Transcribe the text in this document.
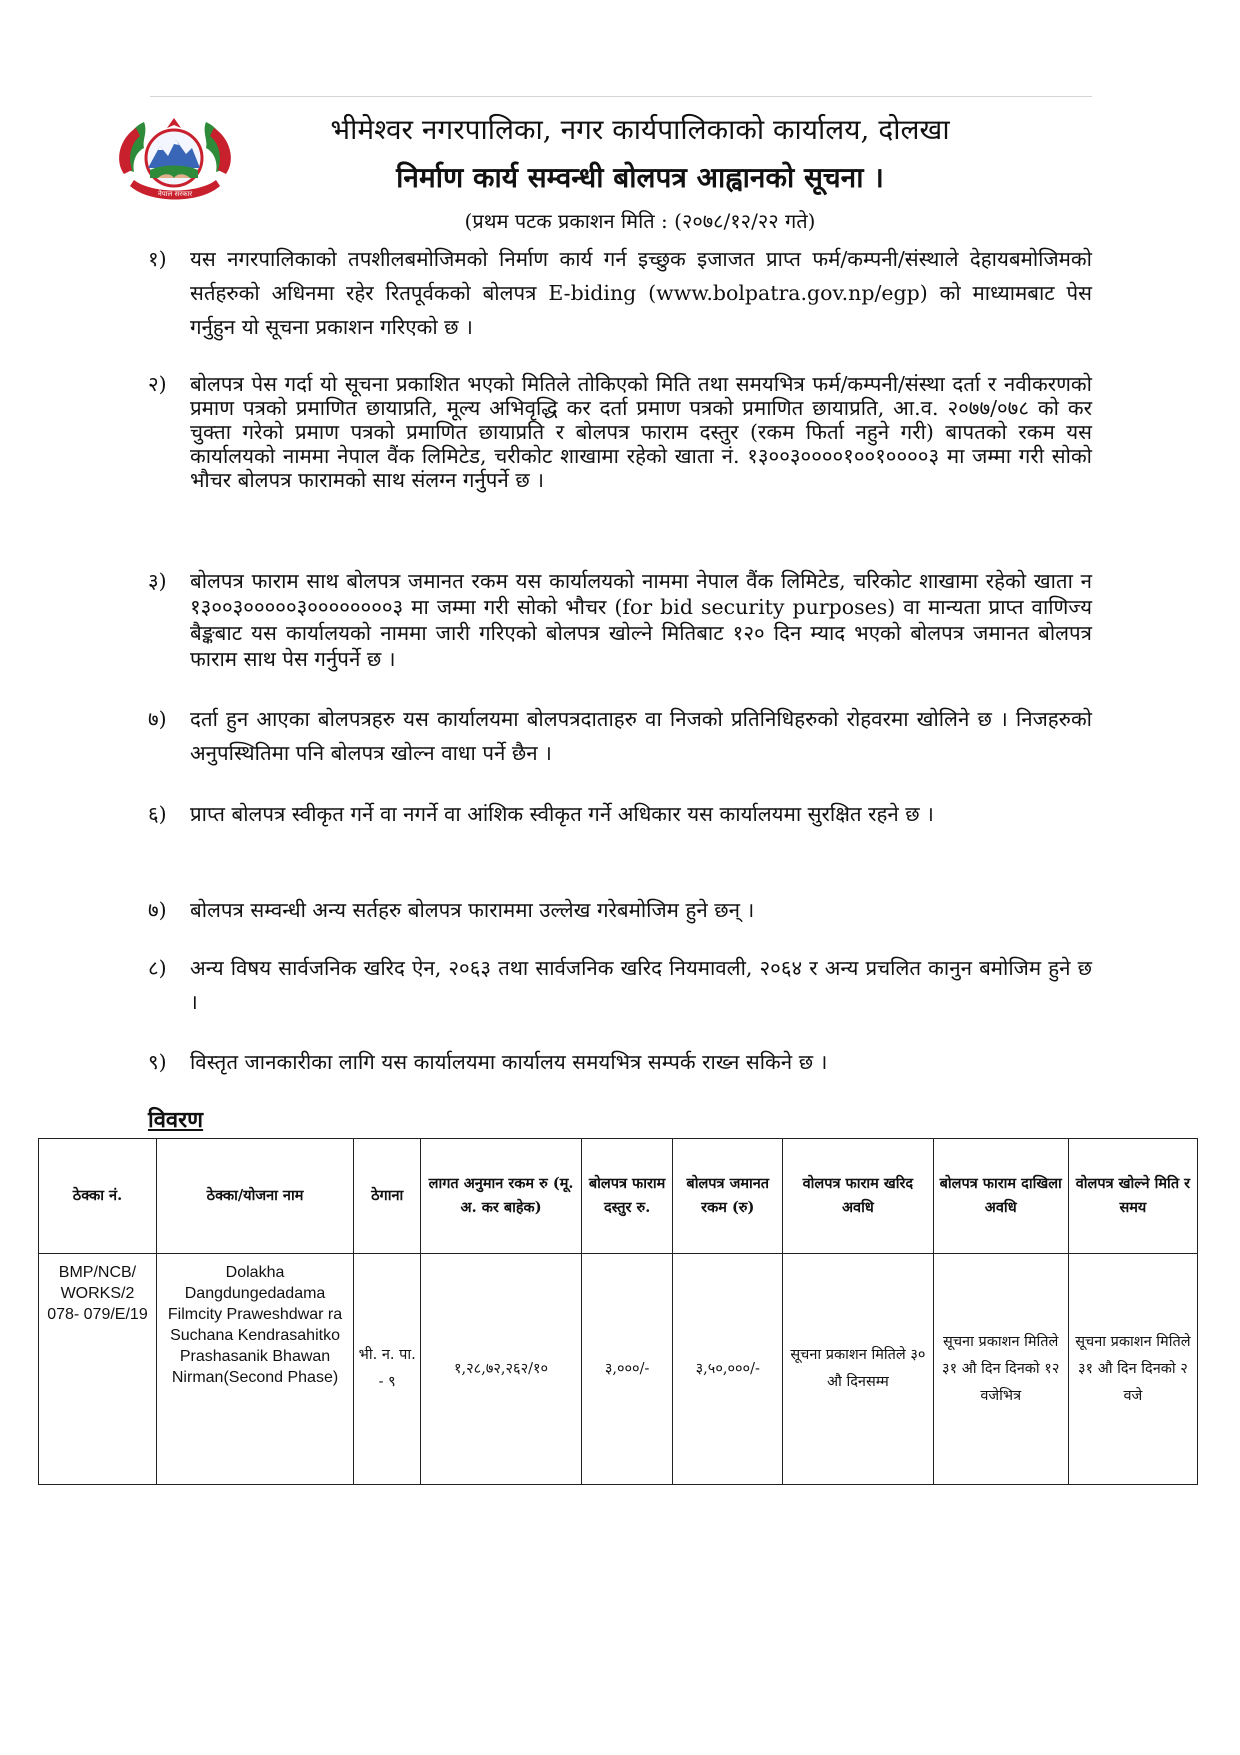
नेपाल सरकार
भीमेश्वर नगरपालिका, नगर कार्यपालिकाको कार्यालय, दोलखा
निर्माण कार्य सम्वन्धी बोलपत्र आह्वानको सूचना ।
(प्रथम पटक प्रकाशन मिति : (२०७८/१२/२२ गते)
१) यस नगरपालिकाको तपशीलबमोजिमको निर्माण कार्य गर्न इच्छुक इजाजत प्राप्त फर्म/कम्पनी/संस्थाले देहायबमोजिमको सर्तहरुको अधिनमा रहेर रितपूर्वकको बोलपत्र E-biding (www.bolpatra.gov.np/egp) को माध्यामबाट पेस गर्नुहुन यो सूचना प्रकाशन गरिएको छ ।
२) बोलपत्र पेस गर्दा यो सूचना प्रकाशित भएको मितिले तोकिएको मिति तथा समयभित्र फर्म/कम्पनी/संस्था दर्ता र नवीकरणको प्रमाण पत्रको प्रमाणित छायाप्रति, मूल्य अभिवृद्धि कर दर्ता प्रमाण पत्रको प्रमाणित छायाप्रति, आ.व. २०७७/०७८ को कर चुक्ता गरेको प्रमाण पत्रको प्रमाणित छायाप्रति र बोलपत्र फाराम दस्तुर (रकम फिर्ता नहुने गरी) बापतको रकम यस कार्यालयको नाममा नेपाल वैंक लिमिटेड, चरीकोट शाखामा रहेको खाता नं. १३००३००००१००१००००३ मा जम्मा गरी सोको भौचर बोलपत्र फारामको साथ संलग्न गर्नुपर्ने छ ।
३) बोलपत्र फाराम साथ बोलपत्र जमानत रकम यस कार्यालयको नाममा नेपाल वैंक लिमिटेड, चरिकोट शाखामा रहेको खाता न १३००३०००००३००००००००३ मा जम्मा गरी सोको भौचर (for bid security purposes) वा मान्यता प्राप्त वाणिज्य बैङ्कबाट यस कार्यालयको नाममा जारी गरिएको बोलपत्र खोल्ने मितिबाट १२० दिन म्याद भएको बोलपत्र जमानत बोलपत्र फाराम साथ पेस गर्नुपर्ने छ ।
७) दर्ता हुन आएका बोलपत्रहरु यस कार्यालयमा बोलपत्रदाताहरु वा निजको प्रतिनिधिहरुको रोहवरमा खोलिने छ । निजहरुको अनुपस्थितिमा पनि बोलपत्र खोल्न वाधा पर्ने छैन ।
६) प्राप्त बोलपत्र स्वीकृत गर्ने वा नगर्ने वा आंशिक स्वीकृत गर्ने अधिकार यस कार्यालयमा सुरक्षित रहने छ ।
७) बोलपत्र सम्वन्धी अन्य सर्तहरु बोलपत्र फाराममा उल्लेख गरेबमोजिम हुने छन् ।
८) अन्य विषय सार्वजनिक खरिद ऐन, २०६३ तथा सार्वजनिक खरिद नियमावली, २०६४ र अन्य प्रचलित कानुन बमोजिम हुने छ ।
९) विस्तृत जानकारीका लागि यस कार्यालयमा कार्यालय समयभित्र सम्पर्क राख्न सकिने छ ।
विवरण
ठेक्का नं.	ठेक्का/योजना नाम	ठेगाना	लागत अनुमान रकम रु (मू. अ. कर बाहेक)	बोलपत्र फाराम दस्तुर रु.	बोलपत्र जमानत रकम (रु)	वोलपत्र फाराम खरिद अवधि	बोलपत्र फाराम दाखिला अवधि	वोलपत्र खोल्ने मिति र समय
BMP/NCB/ WORKS/2 078- 079/E/19	Dolakha Dangdungedadama Filmcity Praweshdwar ra Suchana Kendrasahitko Prashasanik Bhawan Nirman(Second Phase)	भी. न. पा. - ९	१,२८,७२,२६२/१०	३,०००/-	३,५०,०००/-	सूचना प्रकाशन मितिले ३० औ दिनसम्म	सूचना प्रकाशन मितिले ३१ औ दिन दिनको १२ वजेभित्र	सूचना प्रकाशन मितिले ३१ औ दिन दिनको २ वजे
